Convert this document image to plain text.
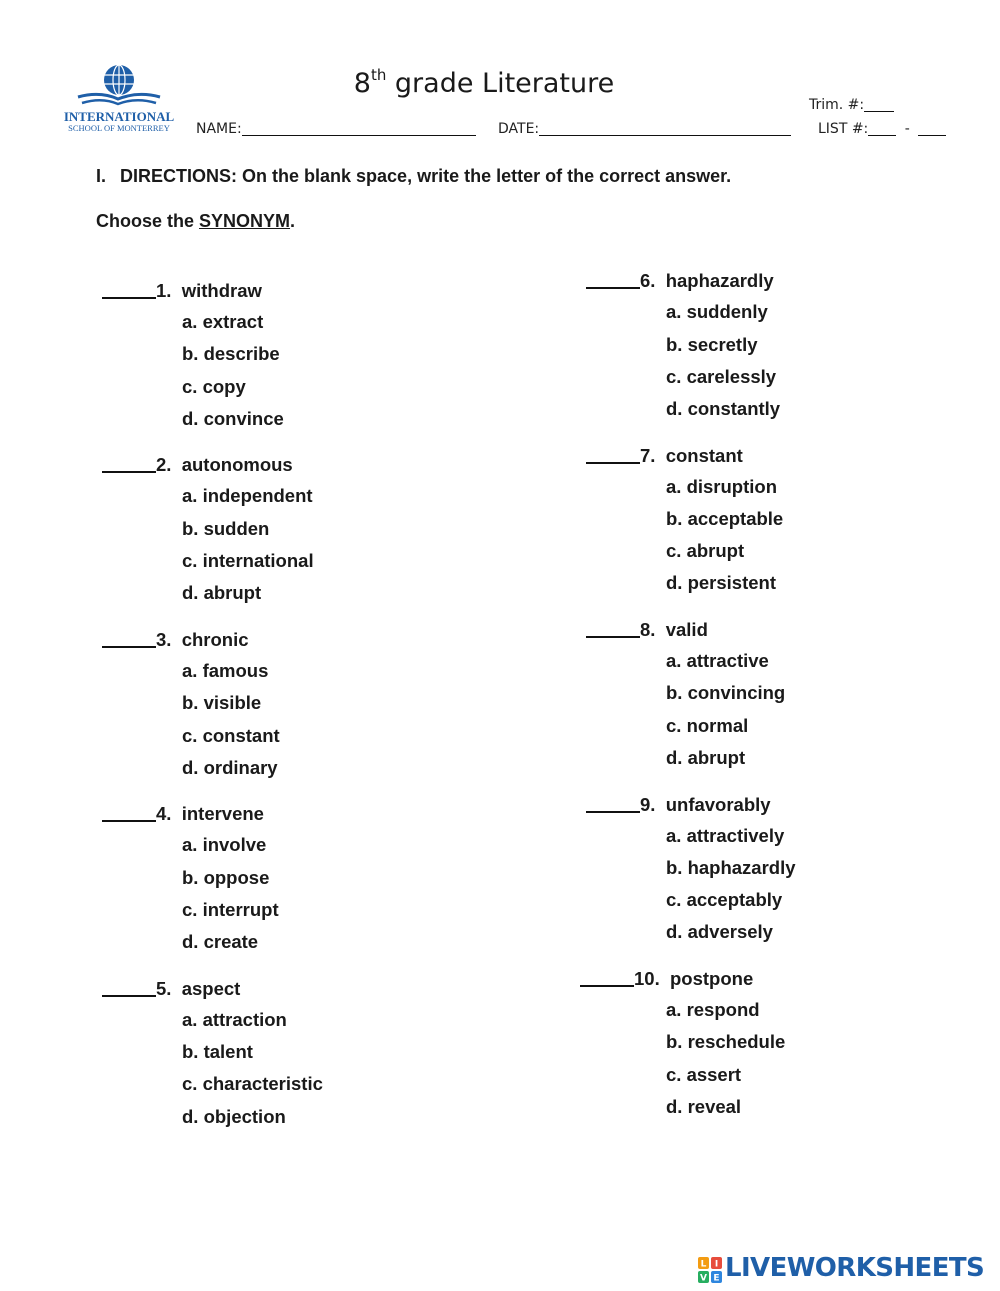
INTERNATIONAL
SCHOOL OF MONTERREY
8th grade Literature
Trim. #:
NAME:	DATE:	LIST #:	-
I. DIRECTIONS: On the blank space, write the letter of the correct answer.
Choose the SYNONYM.
1. withdraw
a. extract
b. describe
c. copy
d. convince
2. autonomous
a. independent
b. sudden
c. international
d. abrupt
3. chronic
a. famous
b. visible
c. constant
d. ordinary
4. intervene
a. involve
b. oppose
c. interrupt
d. create
5. aspect
a. attraction
b. talent
c. characteristic
d. objection
6. haphazardly
a. suddenly
b. secretly
c. carelessly
d. constantly
7. constant
a. disruption
b. acceptable
c. abrupt
d. persistent
8. valid
a. attractive
b. convincing
c. normal
d. abrupt
9. unfavorably
a. attractively
b. haphazardly
c. acceptably
d. adversely
10. postpone
a. respond
b. reschedule
c. assert
d. reveal
L I
V E LIVEWORKSHEETS
